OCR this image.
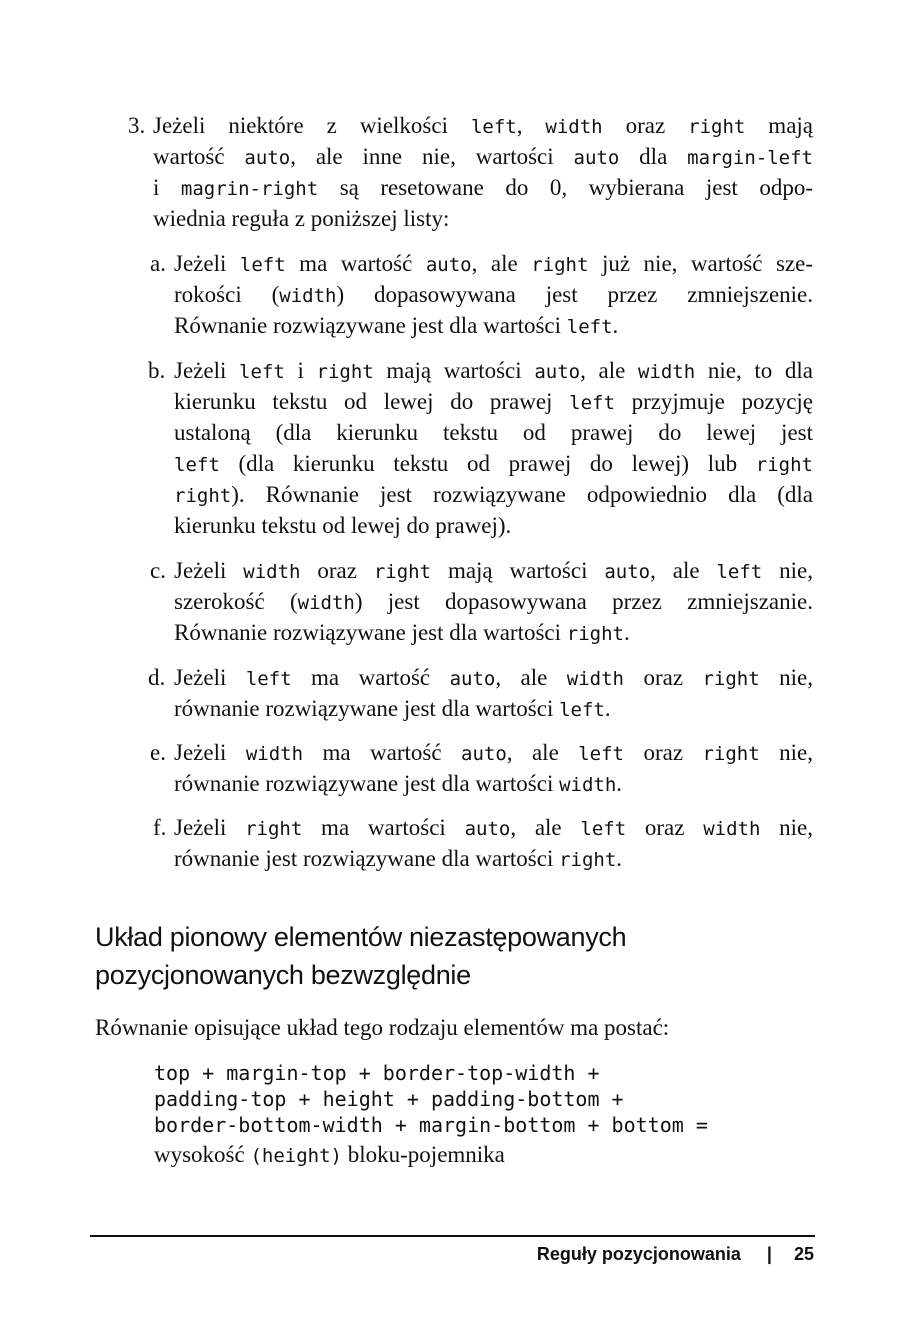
3. Jeżeli niektóre z wielkości left, width oraz right mają
wartość auto, ale inne nie, wartości auto dla margin-left
i magrin-right są resetowane do 0, wybierana jest odpo-
wiednia reguła z poniższej listy:
a. Jeżeli left ma wartość auto, ale right już nie, wartość sze-
rokości (width) dopasowywana jest przez zmniejszenie.
Równanie rozwiązywane jest dla wartości left.
b. Jeżeli left i right mają wartości auto, ale width nie, to dla
kierunku tekstu od lewej do prawej left przyjmuje pozycję
ustaloną (dla kierunku tekstu od prawej do lewej jest
left (dla kierunku tekstu od prawej do lewej) lub right
right). Równanie jest rozwiązywane odpowiednio dla (dla
kierunku tekstu od lewej do prawej).
c. Jeżeli width oraz right mają wartości auto, ale left nie,
szerokość (width) jest dopasowywana przez zmniejszanie.
Równanie rozwiązywane jest dla wartości right.
d. Jeżeli left ma wartość auto, ale width oraz right nie,
równanie rozwiązywane jest dla wartości left.
e. Jeżeli width ma wartość auto, ale left oraz right nie,
równanie rozwiązywane jest dla wartości width.
f. Jeżeli right ma wartości auto, ale left oraz width nie,
równanie jest rozwiązywane dla wartości right.
Układ pionowy elementów niezastępowanych
pozycjonowanych bezwzględnie
Równanie opisujące układ tego rodzaju elementów ma postać:
top + margin-top + border-top-width +
padding-top + height + padding-bottom +
border-bottom-width + margin-bottom + bottom =
wysokość (height) bloku-pojemnika
Reguły pozycjonowania | 25
